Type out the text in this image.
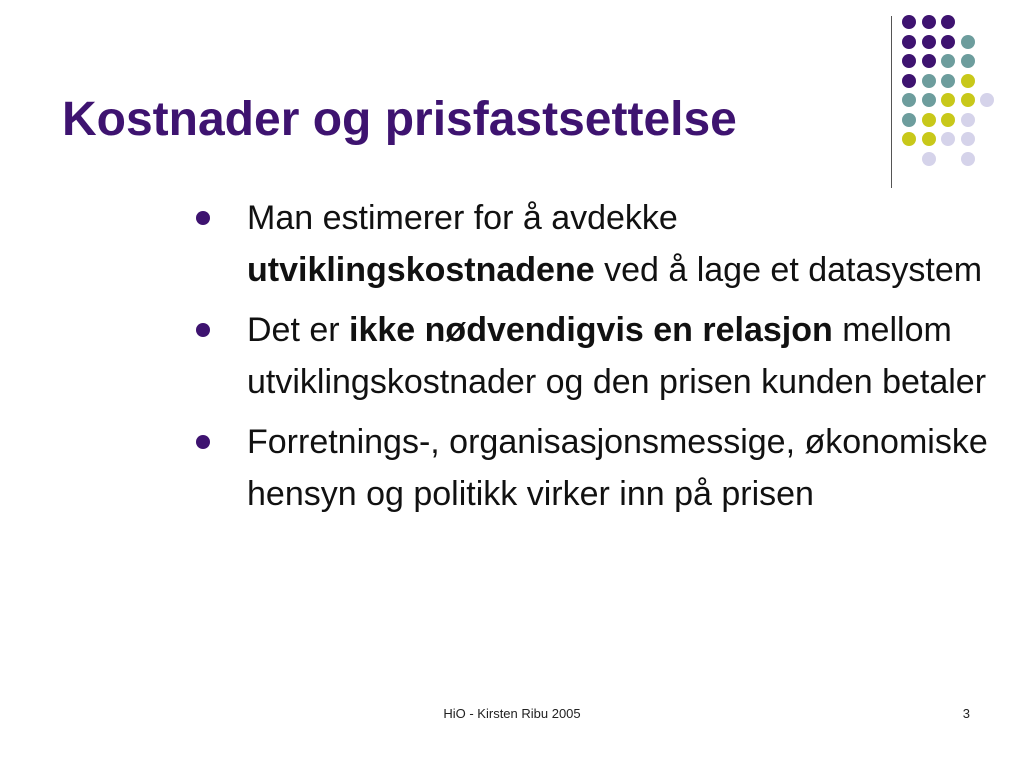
Kostnader og prisfastsettelse
Man estimerer for å avdekke utviklingskostnadene ved å lage et datasystem
Det er ikke nødvendigvis en relasjon mellom utviklingskostnader og den prisen kunden betaler
Forretnings-, organisasjonsmessige, økonomiske hensyn og politikk virker inn på prisen
HiO - Kirsten Ribu 2005	3
